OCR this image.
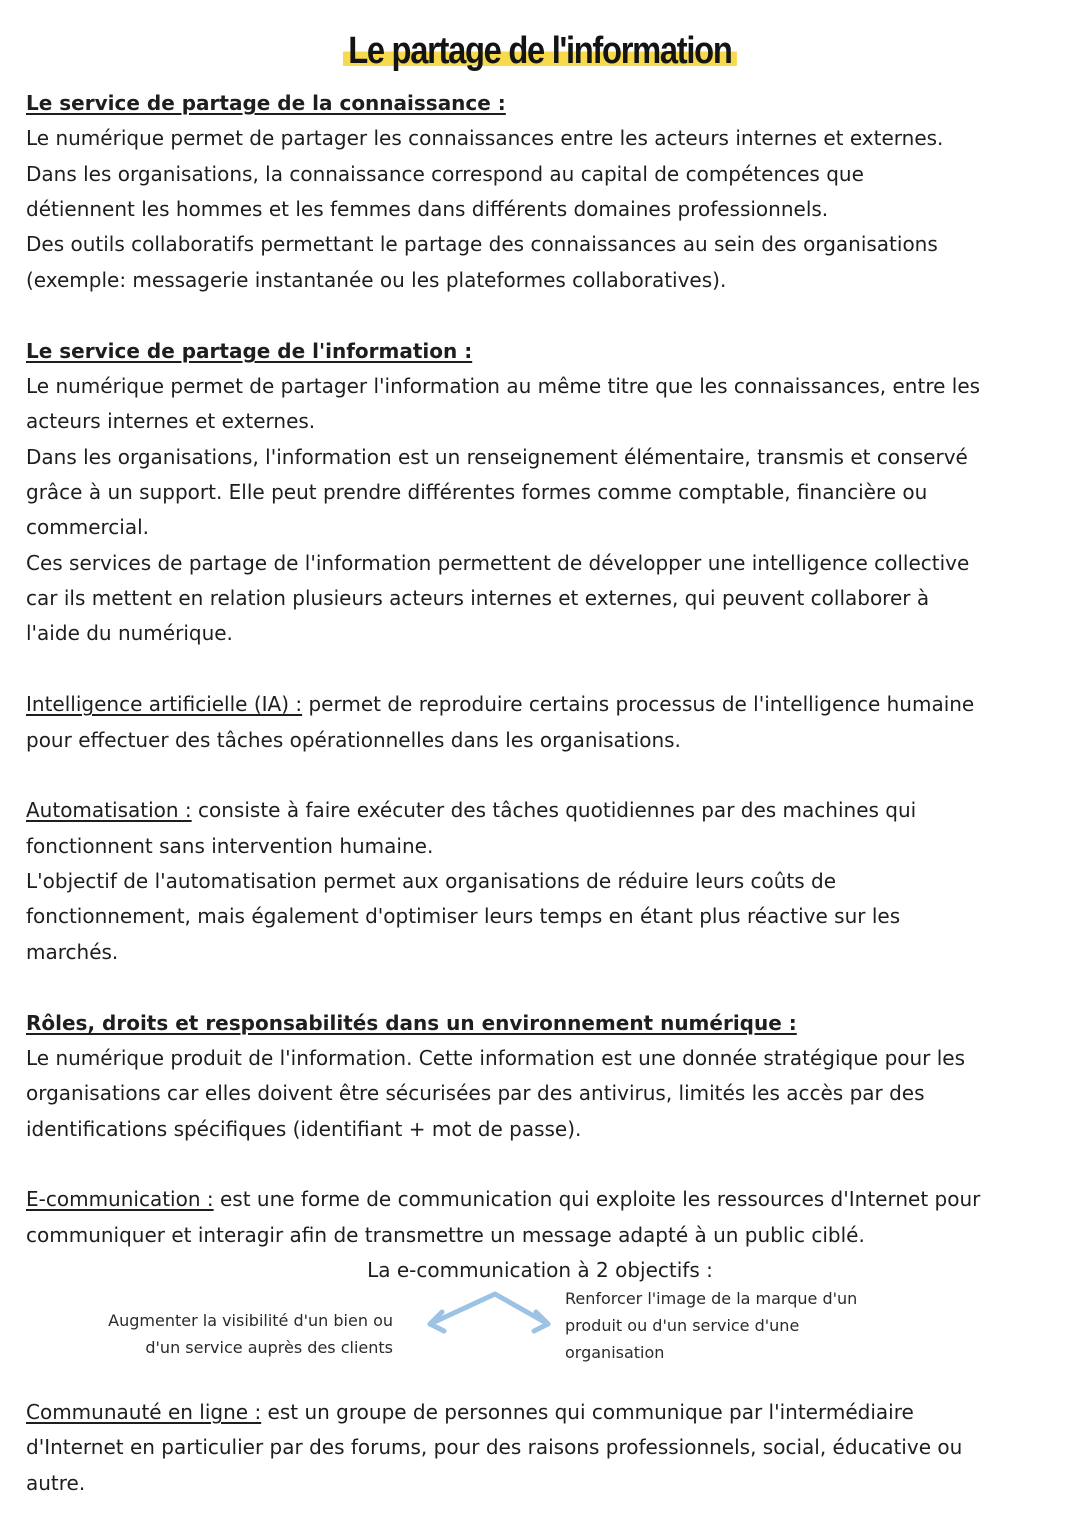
Le partage de l'information
Le service de partage de la connaissance :
Le numérique permet de partager les connaissances entre les acteurs internes et externes.
Dans les organisations, la connaissance correspond au capital de compétences que
détiennent les hommes et les femmes dans différents domaines professionnels.
Des outils collaboratifs permettant le partage des connaissances au sein des organisations
(exemple: messagerie instantanée ou les plateformes collaboratives).
Le service de partage de l'information :
Le numérique permet de partager l'information au même titre que les connaissances, entre les
acteurs internes et externes.
Dans les organisations, l'information est un renseignement élémentaire, transmis et conservé
grâce à un support. Elle peut prendre différentes formes comme comptable, financière ou
commercial.
Ces services de partage de l'information permettent de développer une intelligence collective
car ils mettent en relation plusieurs acteurs internes et externes, qui peuvent collaborer à
l'aide du numérique.
Intelligence artificielle (IA) : permet de reproduire certains processus de l'intelligence humaine
pour effectuer des tâches opérationnelles dans les organisations.
Automatisation : consiste à faire exécuter des tâches quotidiennes par des machines qui
fonctionnent sans intervention humaine.
L'objectif de l'automatisation permet aux organisations de réduire leurs coûts de
fonctionnement, mais également d'optimiser leurs temps en étant plus réactive sur les
marchés.
Rôles, droits et responsabilités dans un environnement numérique :
Le numérique produit de l'information. Cette information est une donnée stratégique pour les
organisations car elles doivent être sécurisées par des antivirus, limités les accès par des
identifications spécifiques (identifiant + mot de passe).
E-communication : est une forme de communication qui exploite les ressources d'Internet pour
communiquer et interagir afin de transmettre un message adapté à un public ciblé.
La e-communication à 2 objectifs :
Augmenter la visibilité d'un bien ou
d'un service auprès des clients
Renforcer l'image de la marque d'un
produit ou d'un service d'une
organisation
Communauté en ligne : est un groupe de personnes qui communique par l'intermédiaire
d'Internet en particulier par des forums, pour des raisons professionnels, social, éducative ou
autre.
